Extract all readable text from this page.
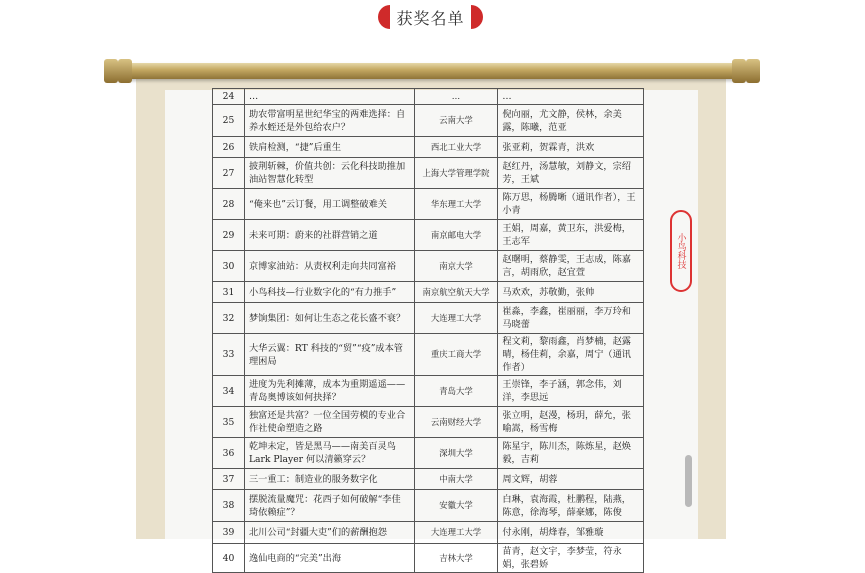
获奖名单
24	…	…	…
25	助农带富明星世纪华宝的两难选择：自养水蛭还是外包给农户？	云南大学	倪向丽，尤文静，侯林，余美露，陈曦，范亚
26	铁肩检测，“捷”后重生	西北工业大学	张亚莉，贺霖青，洪欢
27	披荆斩棘，价值共创：云化科技助推加油站智慧化转型	上海大学管理学院	赵红丹，汤慧敏，刘静文，宗绍芳，王斌
28	“俺来也”云订餐，用工调整破难关	华东理工大学	陈万思，杨腾晰（通讯作者），王小青
29	未来可期：蔚来的社群营销之道	南京邮电大学	王娟，周嘉，黄卫东，洪爱梅，王志军
30	京博家油站：从责权利走向共同富裕	南京大学	赵曙明，蔡静雯，王志成，陈嘉言，胡雨欣，赵宜萱
31	小鸟科技—行业数字化的“有力推手”	南京航空航天大学	马欢欢，苏敬勤，张帅
32	梦饷集团：如何让生态之花长盛不衰？	大连理工大学	崔淼，李鑫，崔丽丽，李万玲和马晓蕾
33	大华云翼：RT 科技的“贸”“疫”成本管理困局	重庆工商大学	程文莉，黎雨鑫，肖梦楠，赵露晴，杨佳莉，余嘉，周宁（通讯作者）
34	进度为先利摊薄，成本为重期遥遥——青岛奥博该如何抉择？	青岛大学	王崇锋，李子涵，郭念伟，刘洋，李思远
35	独富还是共富？一位全国劳模的专业合作社使命塑造之路	云南财经大学	张立明，赵漫，杨玥，薛允，张喻嵩，杨雪梅
36	乾坤未定，皆是黑马——南美百灵鸟 Lark Player 何以清籁穿云？	深圳大学	陈星宇，陈川杰，陈炼星，赵焕毅，吉莉
37	三一重工：制造业的服务数字化	中南大学	周文辉，胡蓉
38	摆脱流量魔咒：花西子如何破解“李佳琦依赖症”？	安徽大学	白琳，袁海霞，杜鹏程，陆燕，陈意，徐海琴，薛豪娜，陈俊
39	北川公司“封疆大吏”们的薪酬抱怨	大连理工大学	付永刚，胡烽春，邹雅璇
40	逸仙电商的“完美”出海	吉林大学	苗青，赵文宇，李梦莹，符永娟，张碧娇
小鸟科技
